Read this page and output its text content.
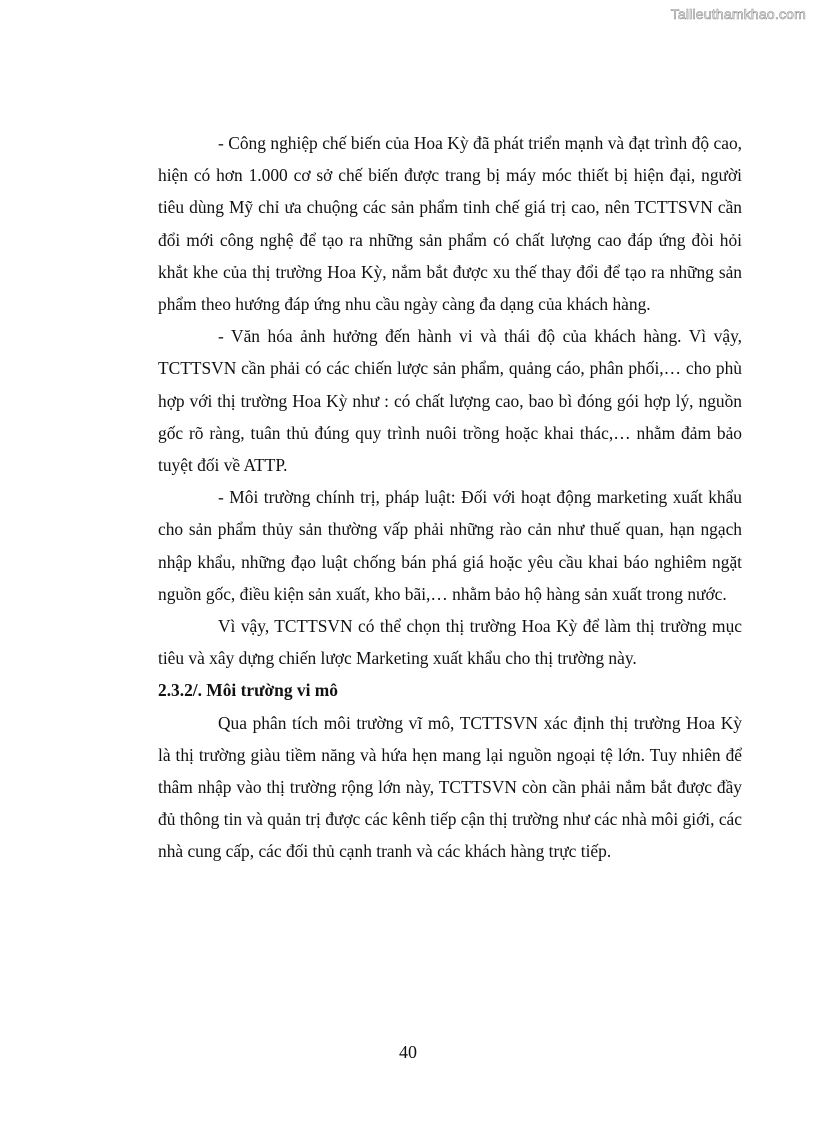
Tailieuthamkhao.com

- Công nghiệp chế biến của Hoa Kỳ đã phát triển mạnh và đạt trình độ cao, hiện có hơn 1.000 cơ sở chế biến được trang bị máy móc thiết bị hiện đại, người tiêu dùng Mỹ chỉ ưa chuộng các sản phẩm tinh chế giá trị cao, nên TCTTSVN cần đổi mới công nghệ để tạo ra những sản phẩm có chất lượng cao đáp ứng đòi hỏi khắt khe của thị trường Hoa Kỳ, nắm bắt được xu thế thay đổi để tạo ra những sản phẩm theo hướng đáp ứng nhu cầu ngày càng đa dạng của khách hàng.

- Văn hóa ảnh hưởng đến hành vi và thái độ của khách hàng. Vì vậy, TCTTSVN cần phải có các chiến lược sản phẩm, quảng cáo, phân phối,… cho phù hợp với thị trường Hoa Kỳ như : có chất lượng cao, bao bì đóng gói hợp lý, nguồn gốc rõ ràng, tuân thủ đúng quy trình nuôi trồng hoặc khai thác,… nhằm đảm bảo tuyệt đối về ATTP.

- Môi trường chính trị, pháp luật: Đối với hoạt động marketing xuất khẩu cho sản phẩm thủy sản thường vấp phải những rào cản như thuế quan, hạn ngạch nhập khẩu, những đạo luật chống bán phá giá hoặc yêu cầu khai báo nghiêm ngặt nguồn gốc, điều kiện sản xuất, kho bãi,… nhằm bảo hộ hàng sản xuất trong nước.

Vì vậy, TCTTSVN có thể chọn thị trường Hoa Kỳ để làm thị trường mục tiêu và xây dựng chiến lược Marketing xuất khẩu cho thị trường này.

2.3.2/. Môi trường vi mô

Qua phân tích môi trường vĩ mô, TCTTSVN xác định thị trường Hoa Kỳ là thị trường giàu tiềm năng và hứa hẹn mang lại nguồn ngoại tệ lớn. Tuy nhiên để thâm nhập vào thị trường rộng lớn này, TCTTSVN còn cần phải nắm bắt được đầy đủ thông tin và quản trị được các kênh tiếp cận thị trường như các nhà môi giới, các nhà cung cấp, các đối thủ cạnh tranh và các khách hàng trực tiếp.

40
